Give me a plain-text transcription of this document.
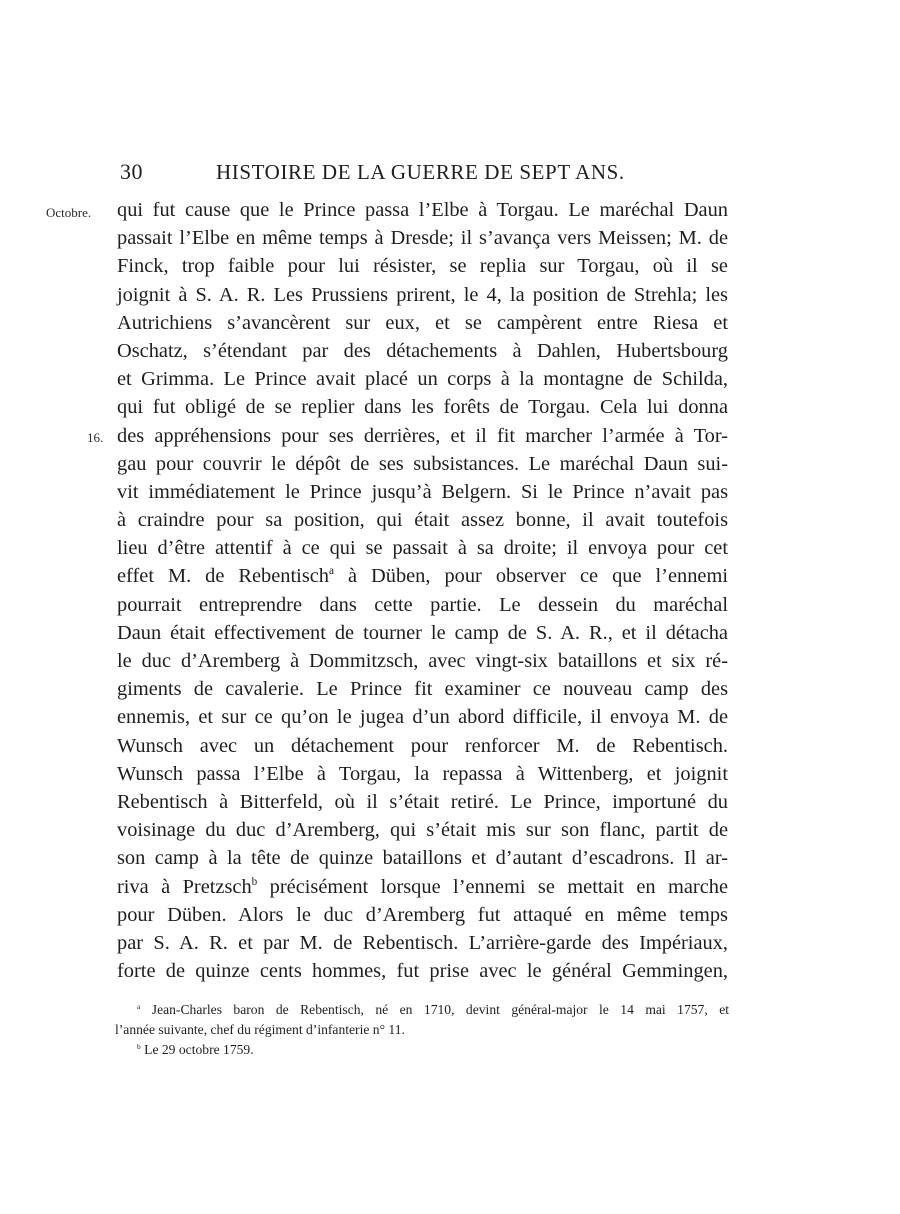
30	HISTOIRE DE LA GUERRE DE SEPT ANS.
Octobre.
16.
qui fut cause que le Prince passa l’Elbe à Torgau. Le maréchal Daun
passait l’Elbe en même temps à Dresde; il s’avança vers Meissen; M. de
Finck, trop faible pour lui résister, se replia sur Torgau, où il se
joignit à S. A. R. Les Prussiens prirent, le 4, la position de Strehla; les
Autrichiens s’avancèrent sur eux, et se campèrent entre Riesa et
Oschatz, s’étendant par des détachements à Dahlen, Hubertsbourg
et Grimma. Le Prince avait placé un corps à la montagne de Schilda,
qui fut obligé de se replier dans les forêts de Torgau. Cela lui donna
des appréhensions pour ses derrières, et il fit marcher l’armée à Tor-
gau pour couvrir le dépôt de ses subsistances. Le maréchal Daun sui-
vit immédiatement le Prince jusqu’à Belgern. Si le Prince n’avait pas
à craindre pour sa position, qui était assez bonne, il avait toutefois
lieu d’être attentif à ce qui se passait à sa droite; il envoya pour cet
effet M. de Rebentisch$^a$ à Düben, pour observer ce que l’ennemi
pourrait entreprendre dans cette partie. Le dessein du maréchal
Daun était effectivement de tourner le camp de S. A. R., et il détacha
le duc d’Aremberg à Dommitzsch, avec vingt-six bataillons et six ré-
giments de cavalerie. Le Prince fit examiner ce nouveau camp des
ennemis, et sur ce qu’on le jugea d’un abord difficile, il envoya M. de
Wunsch avec un détachement pour renforcer M. de Rebentisch.
Wunsch passa l’Elbe à Torgau, la repassa à Wittenberg, et joignit
Rebentisch à Bitterfeld, où il s’était retiré. Le Prince, importuné du
voisinage du duc d’Aremberg, qui s’était mis sur son flanc, partit de
son camp à la tête de quinze bataillons et d’autant d’escadrons. Il ar-
riva à Pretzsch$^b$ précisément lorsque l’ennemi se mettait en marche
pour Düben. Alors le duc d’Aremberg fut attaqué en même temps
par S. A. R. et par M. de Rebentisch. L’arrière-garde des Impériaux,
forte de quinze cents hommes, fut prise avec le général Gemmingen,
$^a$ Jean-Charles baron de Rebentisch, né en 1710, devint général-major le 14 mai 1757, et
l’année suivante, chef du régiment d’infanterie n° 11.
$^b$ Le 29 octobre 1759.
